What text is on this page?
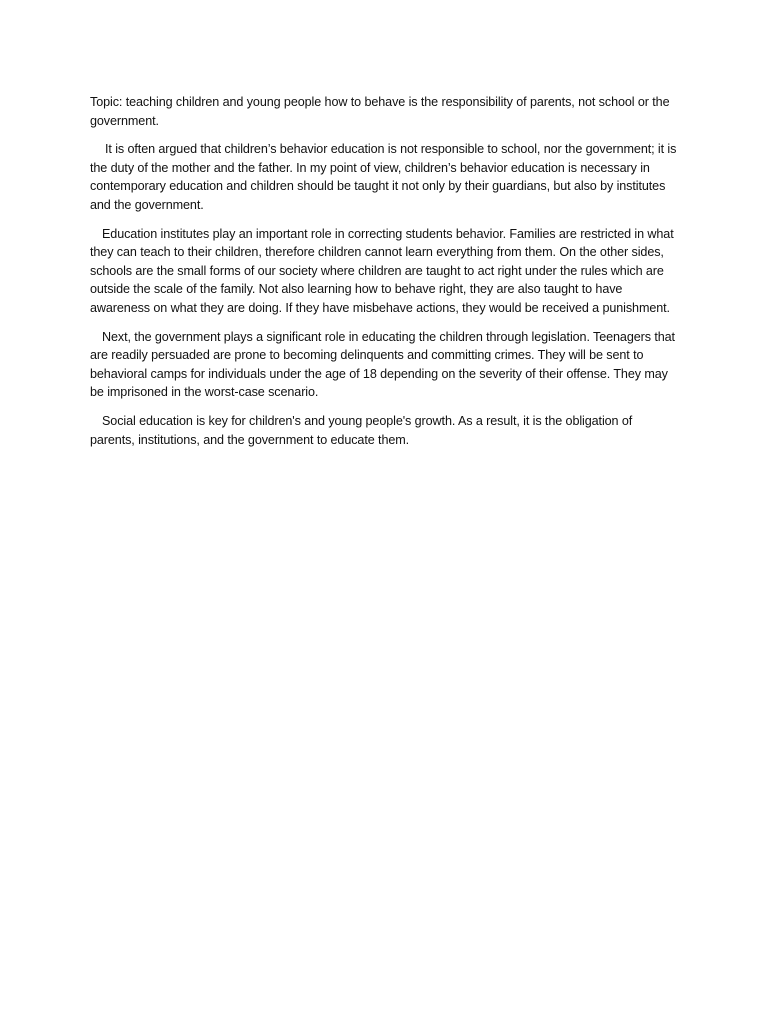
Topic: teaching children and young people how to behave is the responsibility of parents, not school or the government.

It is often argued that children’s behavior education is not responsible to school, nor the government; it is the duty of the mother and the father. In my point of view, children’s behavior education is necessary in contemporary education and children should be taught it not only by their guardians, but also by institutes and the government.

Education institutes play an important role in correcting students behavior. Families are restricted in what they can teach to their children, therefore children cannot learn everything from them. On the other sides, schools are the small forms of our society where children are taught to act right under the rules which are outside the scale of the family. Not also learning how to behave right, they are also taught to have awareness on what they are doing. If they have misbehave actions, they would be received a punishment.

Next, the government plays a significant role in educating the children through legislation. Teenagers that are readily persuaded are prone to becoming delinquents and committing crimes. They will be sent to behavioral camps for individuals under the age of 18 depending on the severity of their offense. They may be imprisoned in the worst-case scenario.

Social education is key for children's and young people's growth. As a result, it is the obligation of parents, institutions, and the government to educate them.
